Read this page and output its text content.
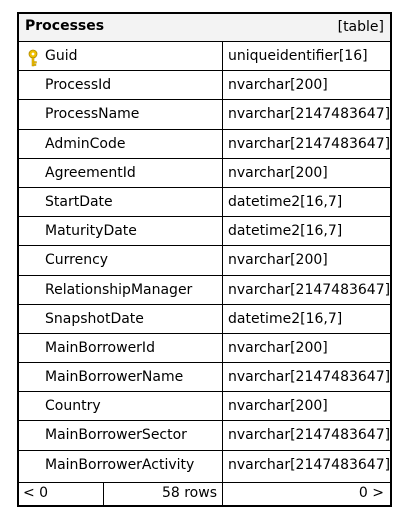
Processes	[table]
Guid	uniqueidentifier[16]
ProcessId	nvarchar[200]
ProcessName	nvarchar[2147483647]
AdminCode	nvarchar[2147483647]
AgreementId	nvarchar[200]
StartDate	datetime2[16,7]
MaturityDate	datetime2[16,7]
Currency	nvarchar[200]
RelationshipManager	nvarchar[2147483647]
SnapshotDate	datetime2[16,7]
MainBorrowerId	nvarchar[200]
MainBorrowerName	nvarchar[2147483647]
Country	nvarchar[200]
MainBorrowerSector	nvarchar[2147483647]
MainBorrowerActivity nvarchar[2147483647]
< 0	58 rows	0 >
